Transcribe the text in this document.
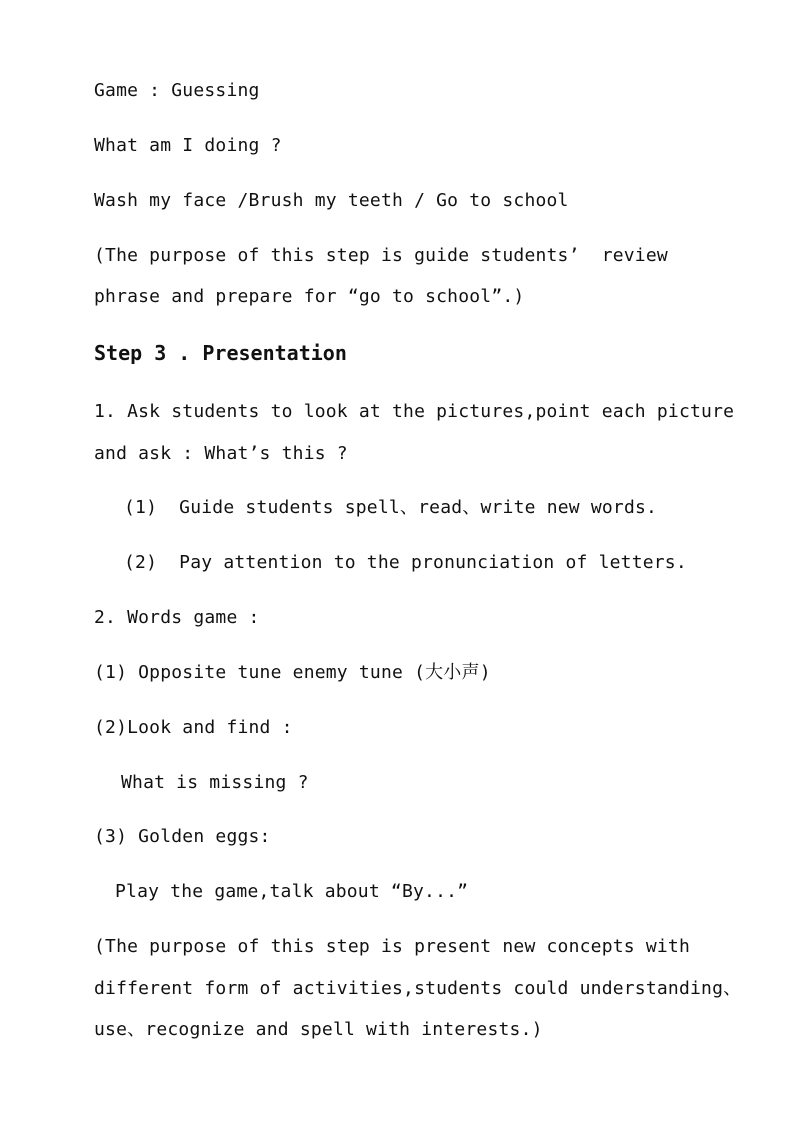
Game : Guessing

What am I doing ?

Wash my face /Brush my teeth / Go to school

(The purpose of this step is guide students’  review

phrase and prepare for “go to school”.)

Step 3 . Presentation

1. Ask students to look at the pictures,point each picture

and ask : What’s this ?

(1)  Guide students spell、read、write new words.

(2)  Pay attention to the pronunciation of letters.

2. Words game :

(1) Opposite tune enemy tune (大小声)

(2)Look and find :

What is missing ?

(3) Golden eggs:

Play the game,talk about “By...”

(The purpose of this step is present new concepts with

different form of activities,students could understanding、

use、recognize and spell with interests.)
